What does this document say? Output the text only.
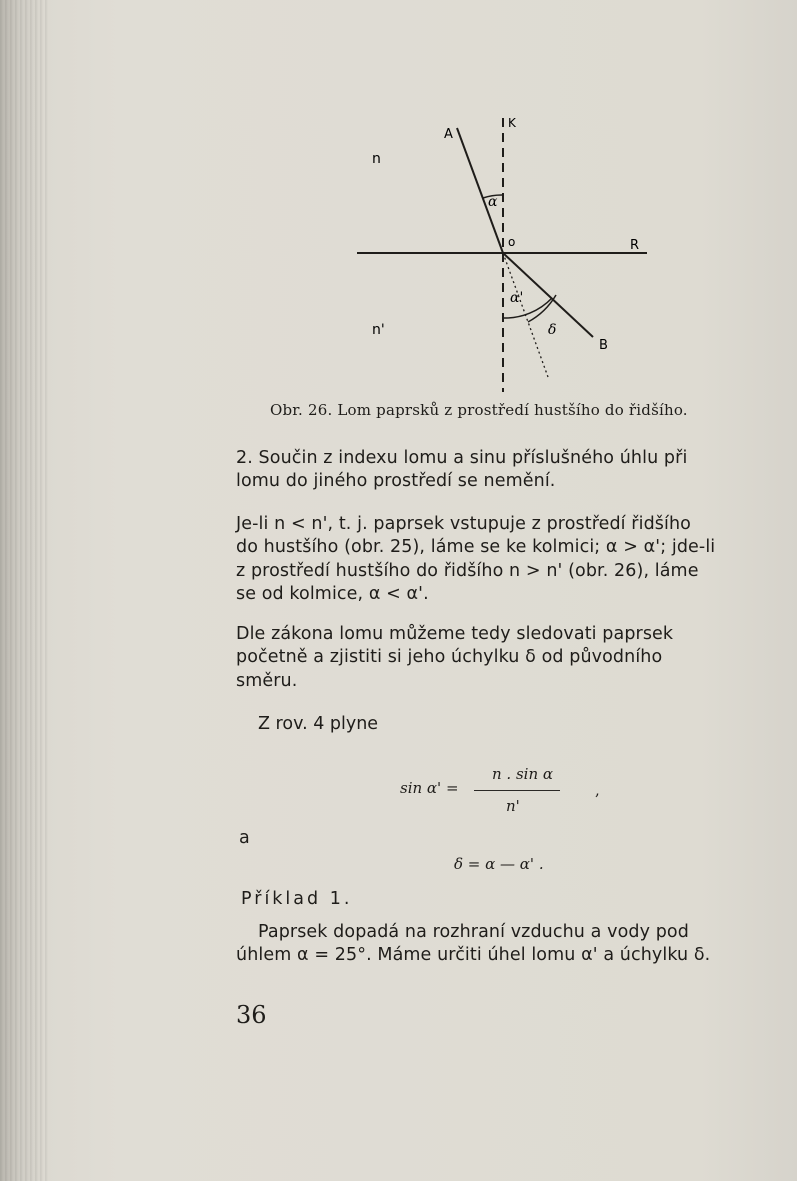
A
K
n
α
o	R
α'
n'	δ
B
Obr. 26. Lom paprsků z prostředí hustšího do řidšího.
2. Součin z indexu lomu a sinu příslušného úhlu při
lomu do jiného prostředí se nemění.
Je-li n < n', t. j. paprsek vstupuje z prostředí řidšího
do hustšího (obr. 25), láme se ke kolmici; α > α'; jde-li
z prostředí hustšího do řidšího n > n' (obr. 26), láme
se od kolmice, α < α'.
Dle zákona lomu můžeme tedy sledovati paprsek
početně a zjistiti si jeho úchylku δ od původního
směru.
Z rov. 4 plyne
sin α' =
n . sin α
n'
,
a
δ = α — α' .
Příklad 1.
Paprsek dopadá na rozhraní vzduchu a vody pod
úhlem α = 25°. Máme určiti úhel lomu α' a úchylku δ.
36
